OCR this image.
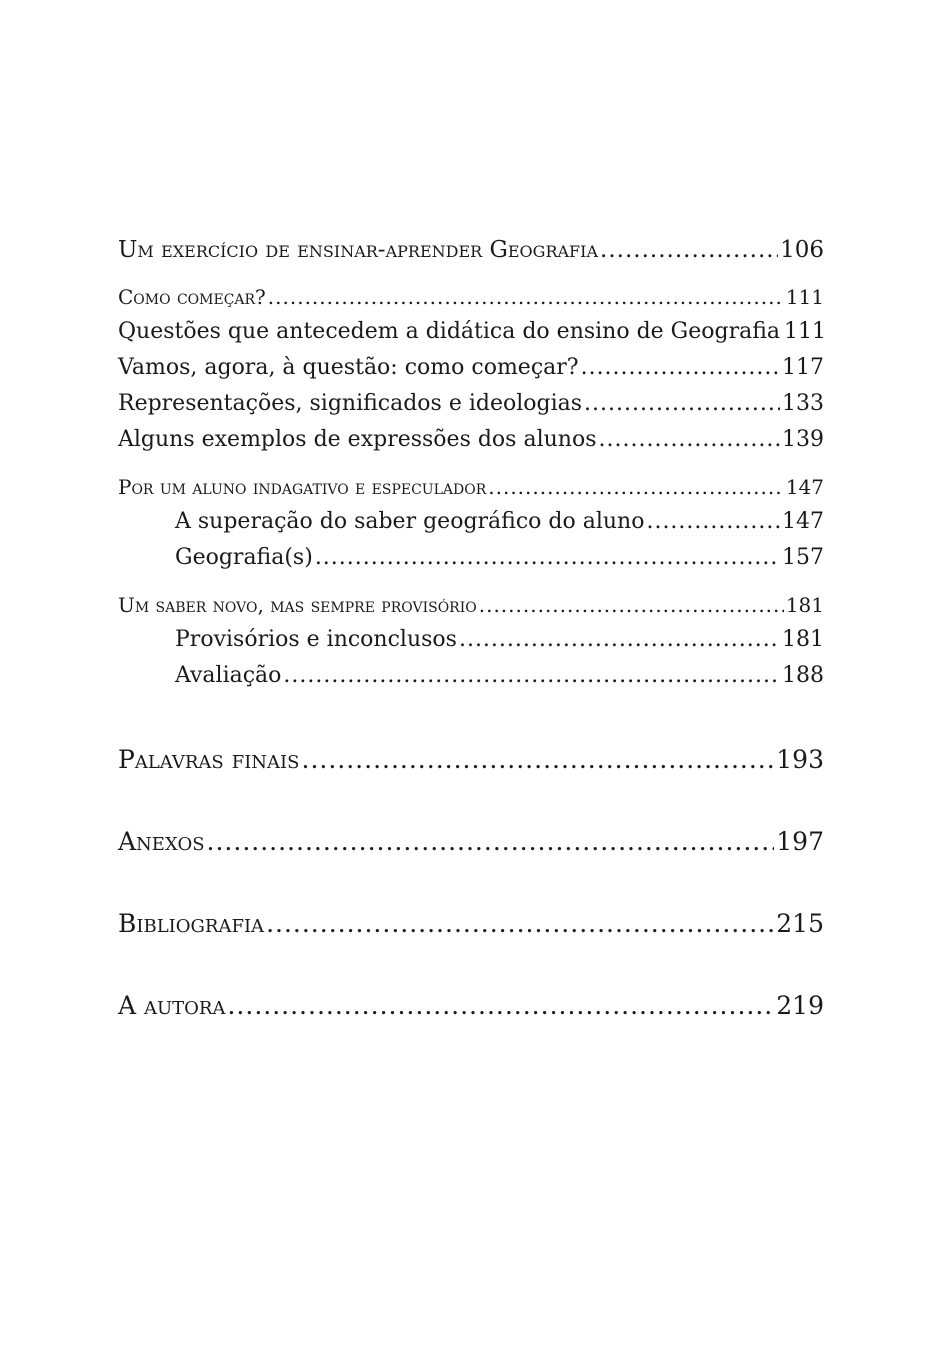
Um exercício de ensinar-aprender Geografia .....	106
Como começar? .....	111
Questões que antecedem a didática do ensino de Geografia 111
Vamos, agora, à questão: como começar? .....	117
Representações, significados e ideologias .....	133
Alguns exemplos de expressões dos alunos .....	139
Por um aluno indagativo e especulador .....	147
A superação do saber geográfico do aluno .....	147
Geografia(s) .....	157
Um saber novo, mas sempre provisório .....	181
Provisórios e inconclusos .....	181
Avaliação .....	188
Palavras finais .....	193
Anexos .....	197
Bibliografia .....	215
A autora .....	219
